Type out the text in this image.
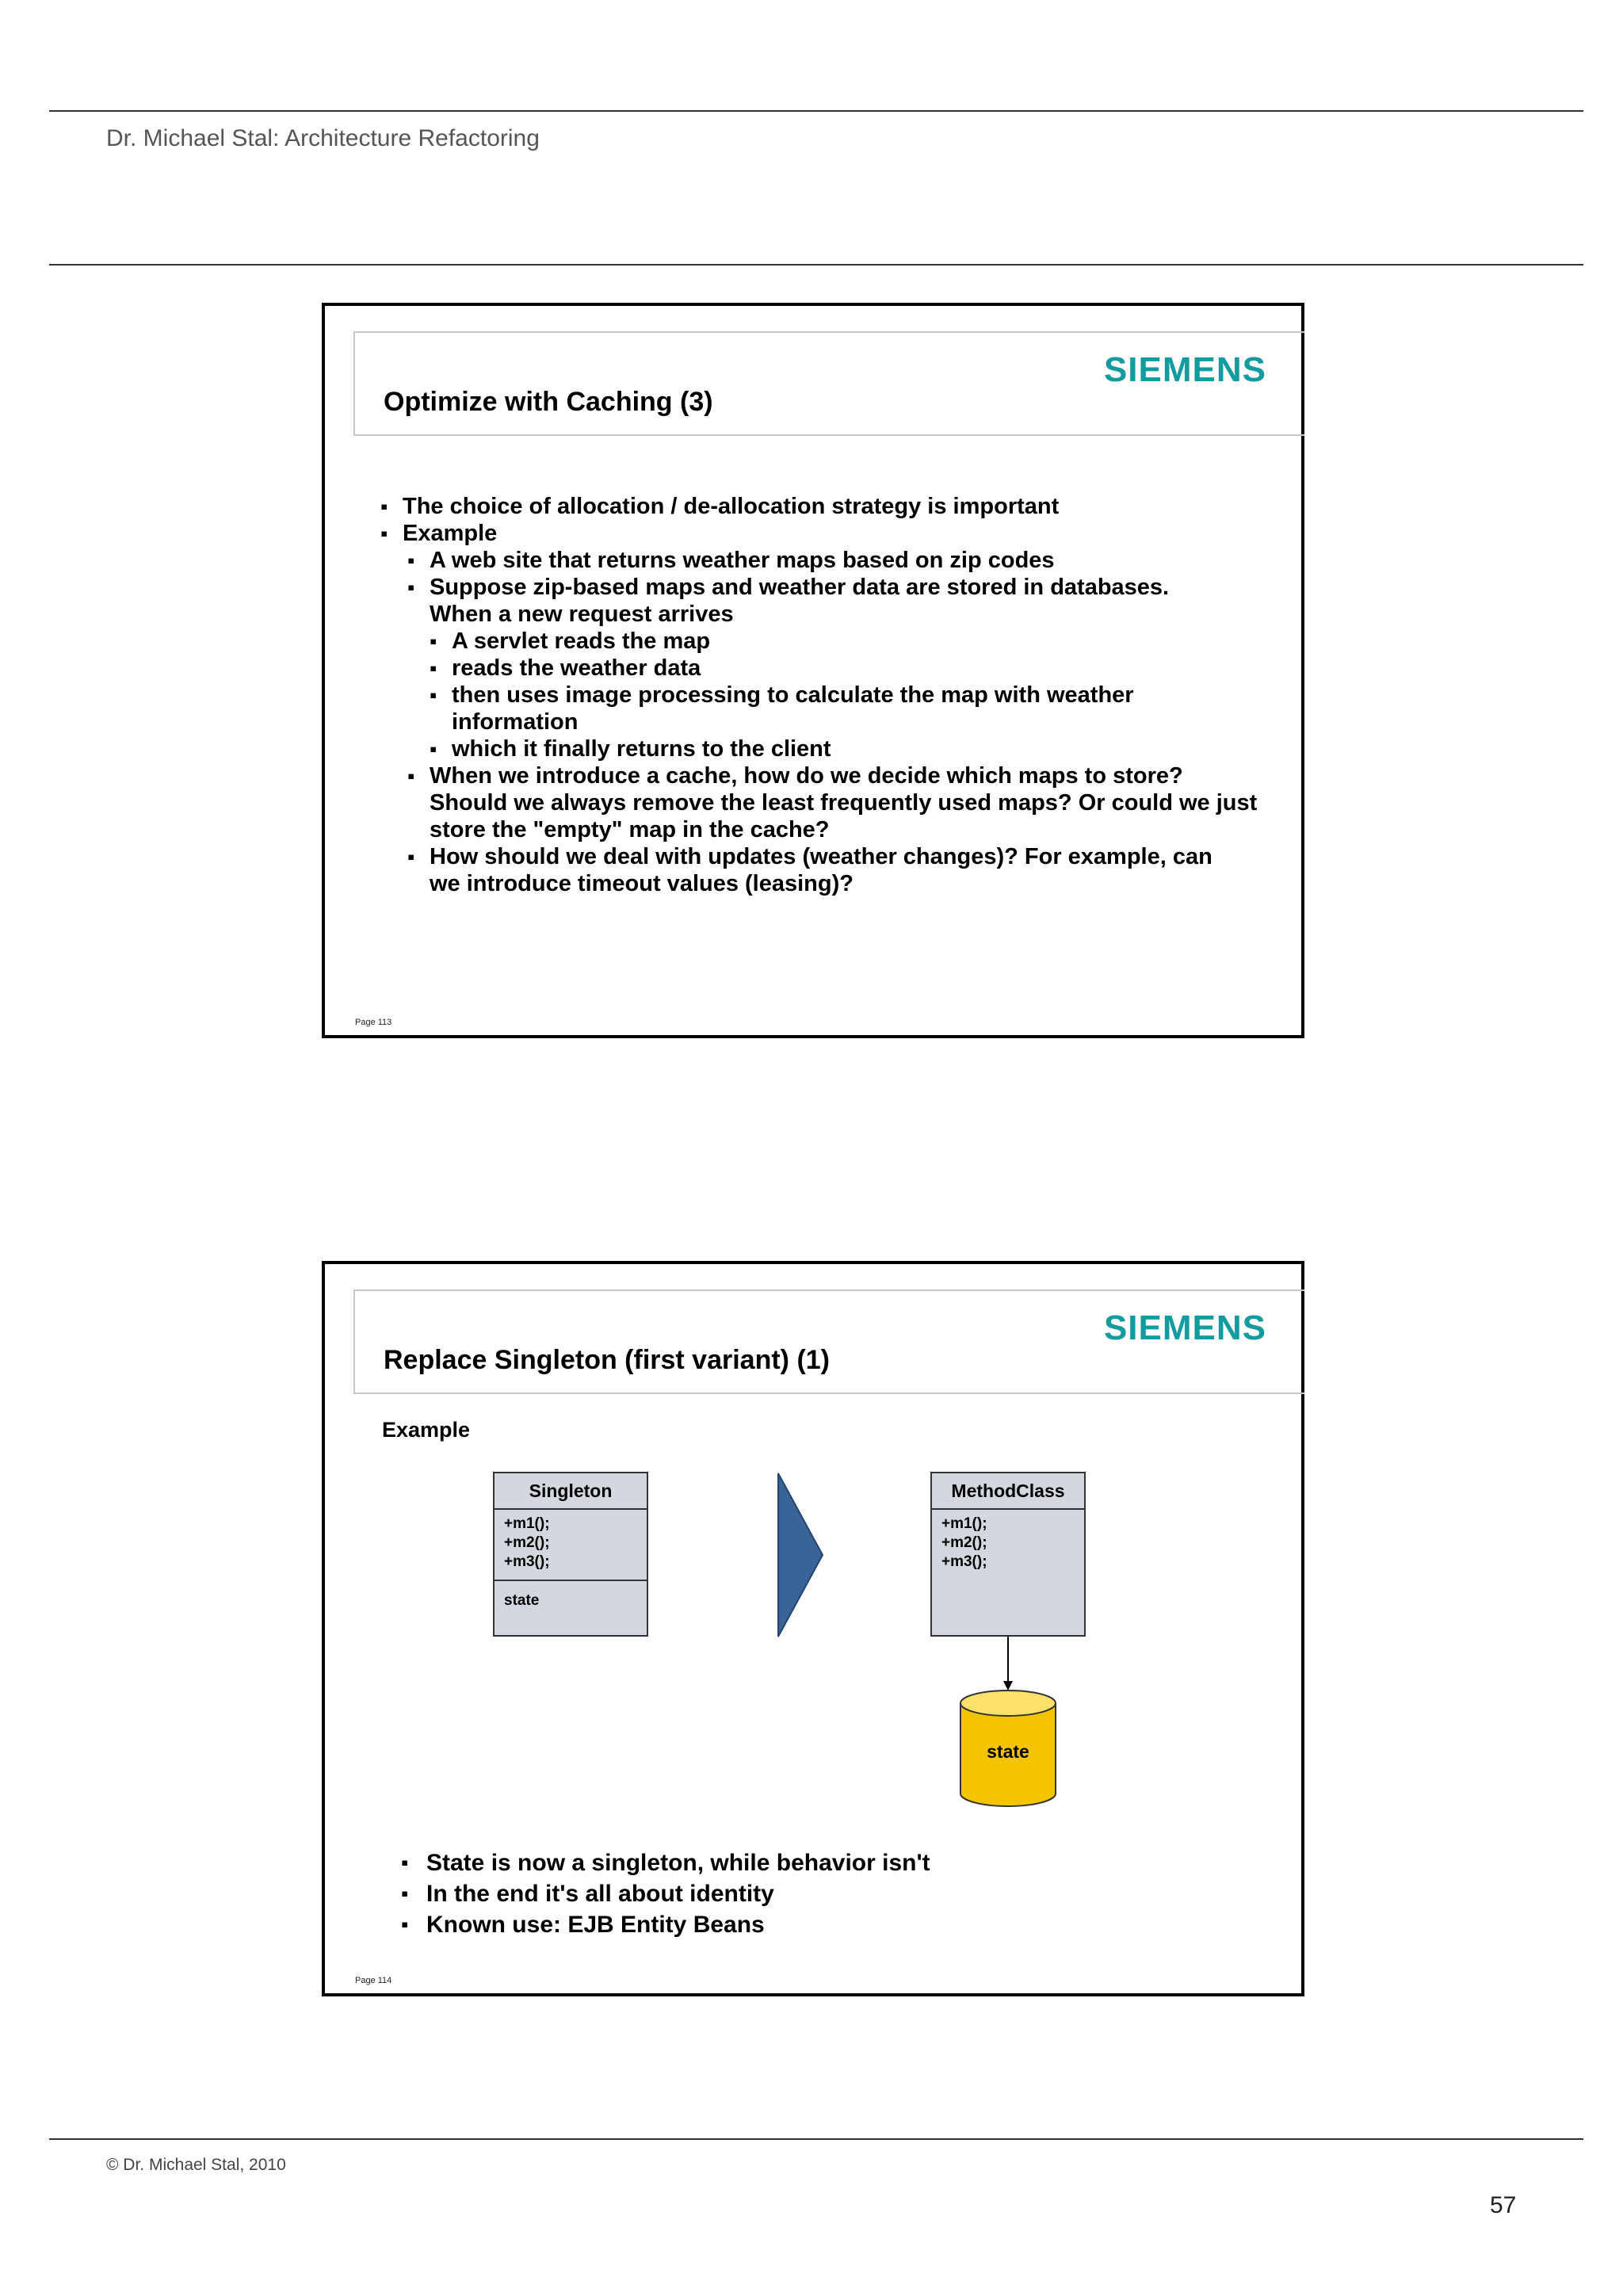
Dr. Michael Stal: Architecture Refactoring
SIEMENS
Optimize with Caching (3)
▪ The choice of allocation / de-allocation strategy is important
▪ Example
▪ A web site that returns weather maps based on zip codes
▪ Suppose zip-based maps and weather data are stored in databases. When a new request arrives
▪ A servlet reads the map
▪ reads the weather data
▪ then uses image processing to calculate the map with weather information
▪ which it finally returns to the client
▪ When we introduce a cache, how do we decide which maps to store? Should we always remove the least frequently used maps? Or could we just store the "empty" map in the cache?
▪ How should we deal with updates (weather changes)? For example, can we introduce timeout values (leasing)?
Page 113
SIEMENS
Replace Singleton (first variant) (1)
Example
Singleton
+m1();
+m2();
+m3();
state
MethodClass
+m1();
+m2();
+m3();
state
▪ State is now a singleton, while behavior isn't
▪ In the end it's all about identity
▪ Known use: EJB Entity Beans
Page 114
© Dr. Michael Stal, 2010
57
